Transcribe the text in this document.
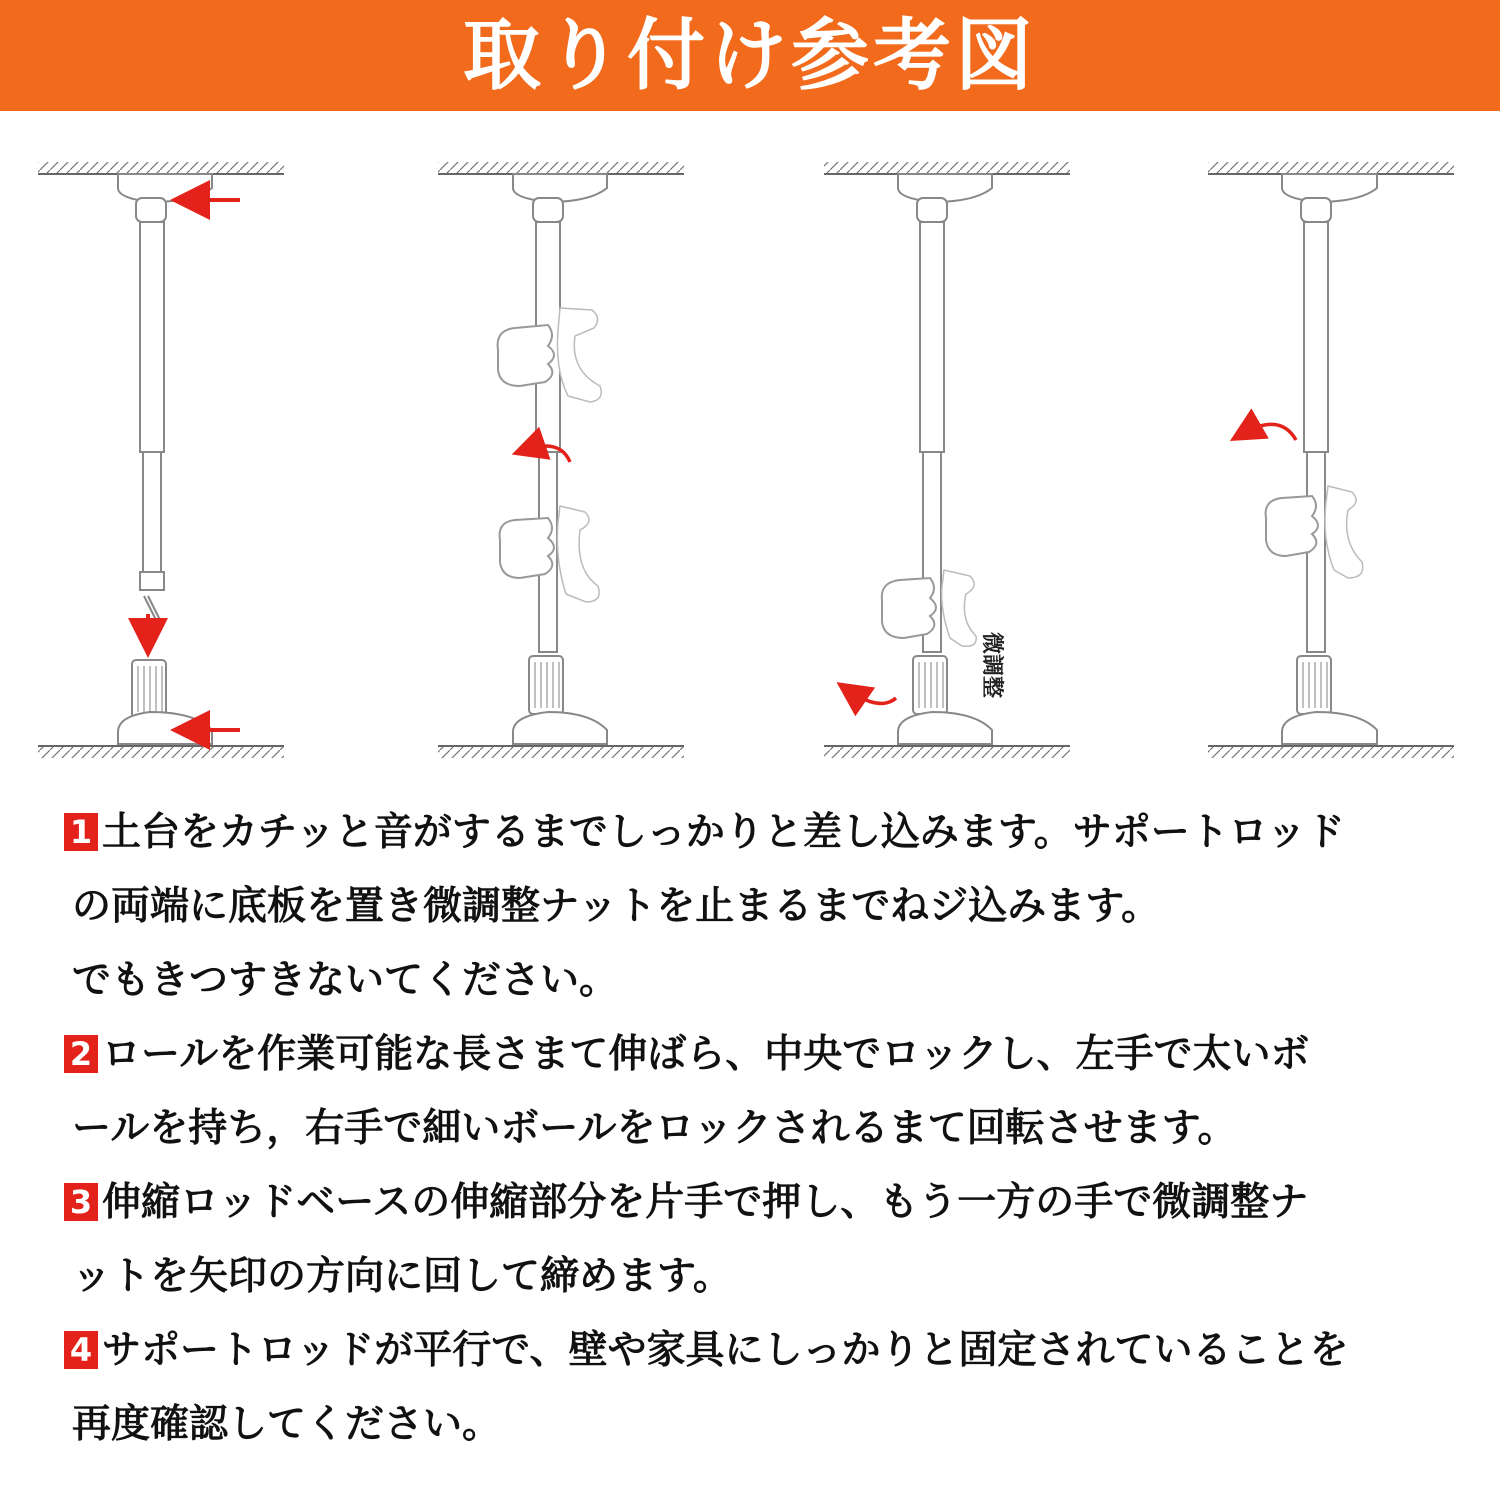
取り付け参考図
微調整
1 土台をカチッと音がするまでしっかりと差し込みます。サポートロッド
の両端に底板を置き微調整ナットを止まるまでねジ込みます。
でもきつすきないてください。
2 ロールを作業可能な長さまて伸ばら、中央でロックし、左手で太いボ
ールを持ち，右手で細いボールをロックされるまて回転させます。
3 伸縮ロッドベースの伸縮部分を片手で押し、もう一方の手で微調整ナ
ットを矢印の方向に回して締めます。
4 サポートロッドが平行で、壁や家具にしっかりと固定されていることを
再度確認してください。
